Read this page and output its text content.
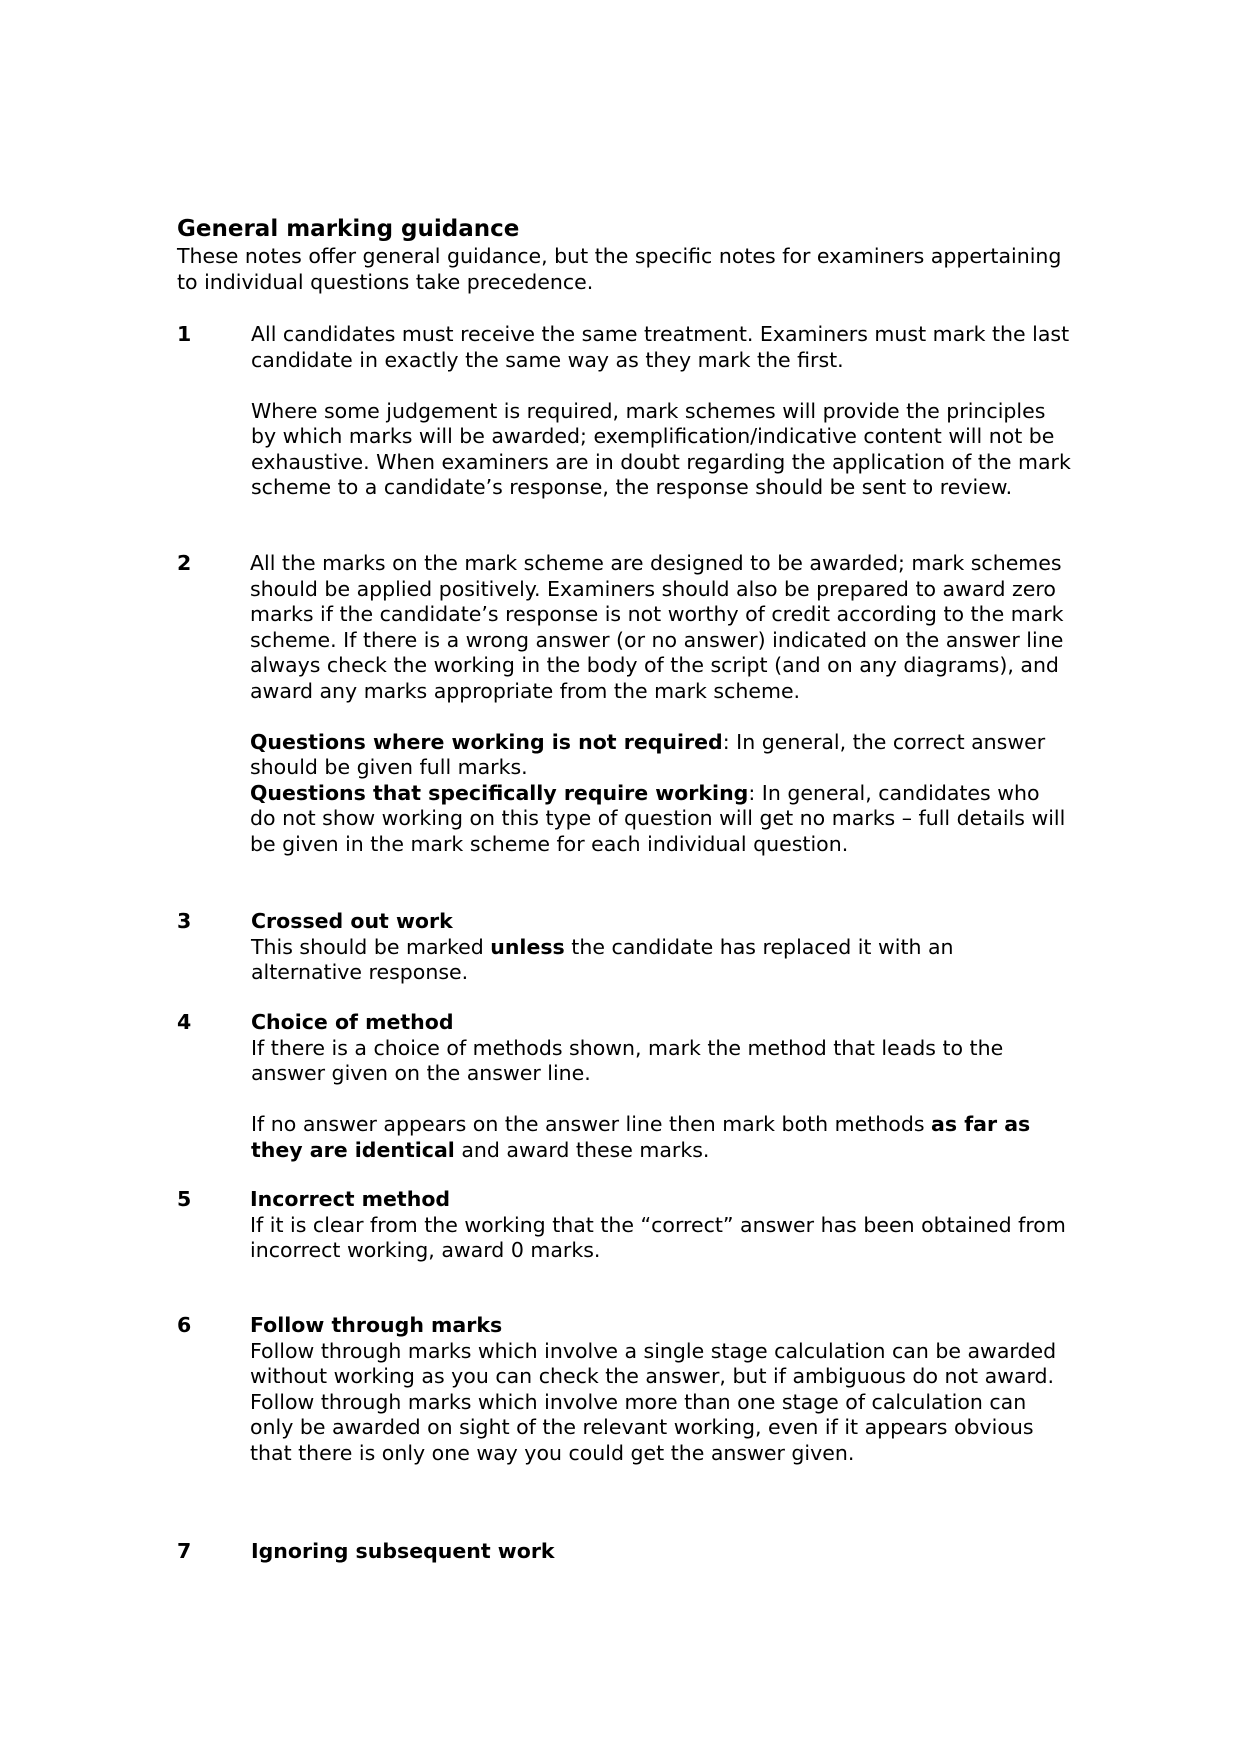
General marking guidance

These notes offer general guidance, but the specific notes for examiners appertaining to individual questions take precedence.

1	All candidates must receive the same treatment. Examiners must mark the last candidate in exactly the same way as they mark the first.

Where some judgement is required, mark schemes will provide the principles by which marks will be awarded; exemplification/indicative content will not be exhaustive. When examiners are in doubt regarding the application of the mark scheme to a candidate’s response, the response should be sent to review.

2	All the marks on the mark scheme are designed to be awarded; mark schemes should be applied positively. Examiners should also be prepared to award zero marks if the candidate’s response is not worthy of credit according to the mark scheme. If there is a wrong answer (or no answer) indicated on the answer line always check the working in the body of the script (and on any diagrams), and award any marks appropriate from the mark scheme.

Questions where working is not required: In general, the correct answer should be given full marks.

Questions that specifically require working: In general, candidates who do not show working on this type of question will get no marks – full details will be given in the mark scheme for each individual question.

3	Crossed out work

This should be marked unless the candidate has replaced it with an alternative response.

4	Choice of method

If there is a choice of methods shown, mark the method that leads to the answer given on the answer line.

If no answer appears on the answer line then mark both methods as far as they are identical and award these marks.

5	Incorrect method

If it is clear from the working that the “correct” answer has been obtained from incorrect working, award 0 marks.

6	Follow through marks

Follow through marks which involve a single stage calculation can be awarded without working as you can check the answer, but if ambiguous do not award.

Follow through marks which involve more than one stage of calculation can only be awarded on sight of the relevant working, even if it appears obvious that there is only one way you could get the answer given.

7	Ignoring subsequent work
